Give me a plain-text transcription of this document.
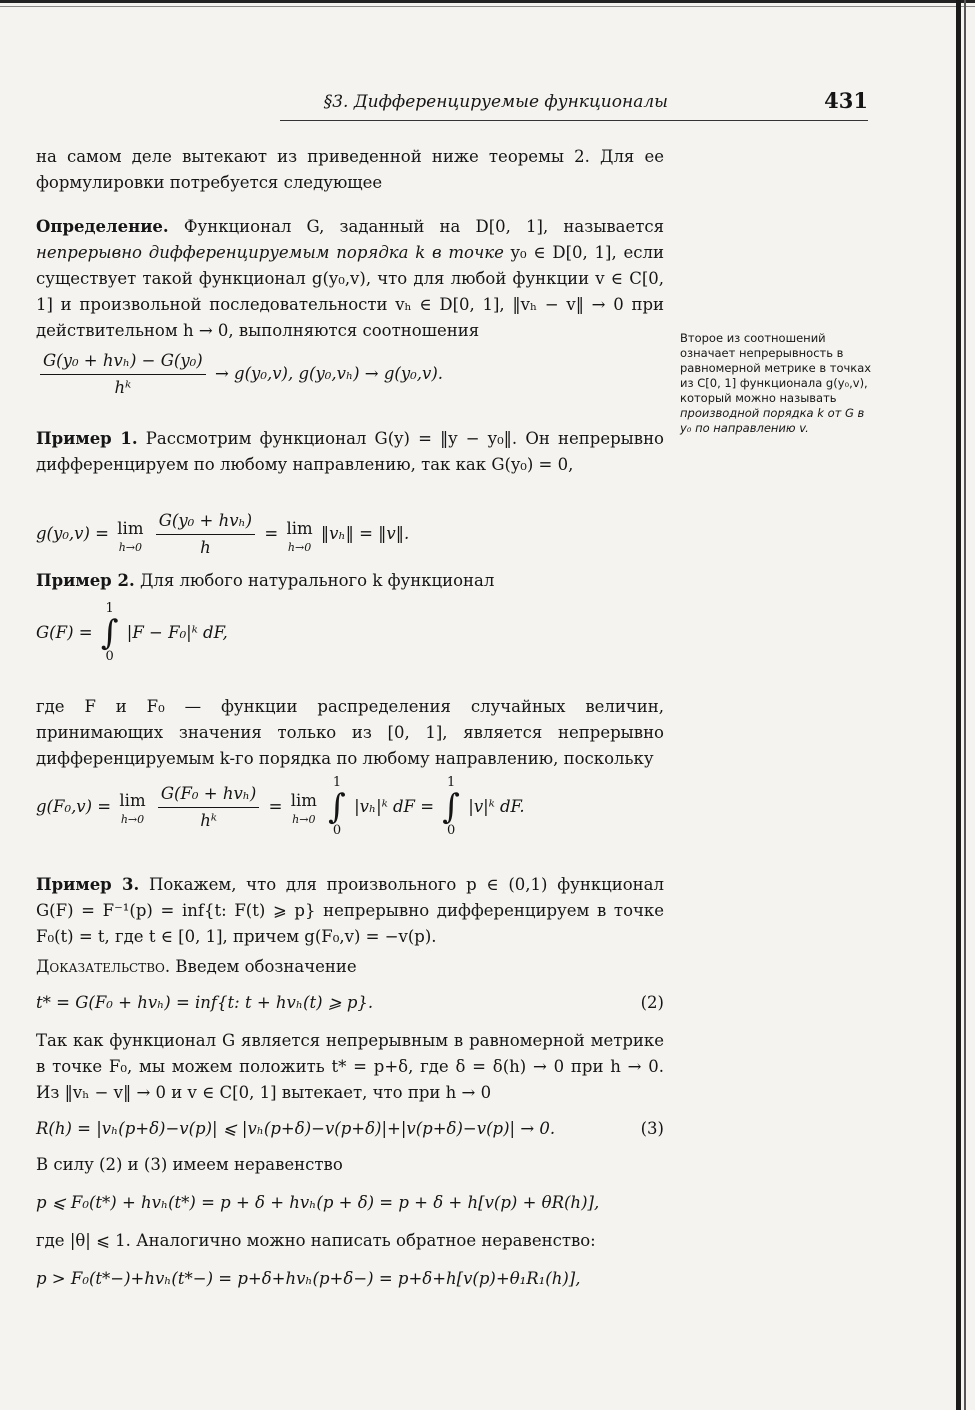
§3. Дифференцируемые функционалы	431

на самом деле вытекают из приведенной ниже теоремы 2. Для ее формулировки потребуется следующее

Определение. Функционал G, заданный на D[0, 1], называется непрерывно дифференцируемым порядка k в точке y₀ ∈ D[0, 1], если существует такой функционал g(y₀,v), что для любой функции v ∈ C[0, 1] и произвольной последовательности vₕ ∈ D[0, 1], ‖vₕ − v‖ → 0 при действительном h → 0, выполняются соотношения

$\frac{\text{G(y₀ + hvₕ) − G(y₀)}}{\text{hᵏ}} \to g(y_0,v)$, g(y₀,vₕ) → g(y₀,v).

Пример 1. Рассмотрим функционал G(y) = ‖y − y₀‖. Он непрерывно дифференцируем по любому направлению, так как G(y₀) = 0,

g(y₀,v) = lim
h→0
$\frac{\text{G(y₀ + hvₕ)}}{h} = \lim$
h→0
‖vₕ‖ = ‖v‖.

Пример 2. Для любого натурального k функционал

G(F) =
1
∫
0
|F − F₀|ᵏ dF,

где F и F₀ — функции распределения случайных величин, принимающих значения только из [0, 1], является непрерывно дифференцируемым k-го порядка по любому направлению, поскольку

g(F₀,v) = lim
h→0
$\frac{\text{G(F₀ + hvₕ)}}{\text{hᵏ}} = \lim$
h→0

1
∫
0
|vₕ|ᵏ dF =
1
∫
0
|v|ᵏ dF.

Пример 3. Покажем, что для произвольного p ∈ (0,1) функционал G(F) = F⁻¹(p) = inf{t: F(t) ⩾ p} непрерывно дифференцируем в точке F₀(t) = t, где t ∈ [0, 1], причем g(F₀,v) = −v(p).

Доказательство. Введем обозначение

t* = G(F₀ + hvₕ) = inf{t: t + hvₕ(t) ⩾ p}.	(2)

Так как функционал G является непрерывным в равномерной метрике в точке F₀, мы можем положить t* = p+δ, где δ = δ(h) → 0 при h → 0. Из ‖vₕ − v‖ → 0 и v ∈ C[0, 1] вытекает, что при h → 0

R(h) = |vₕ(p+δ)−v(p)| ⩽ |vₕ(p+δ)−v(p+δ)|+|v(p+δ)−v(p)| → 0.	(3)

В силу (2) и (3) имеем неравенство

p ⩽ F₀(t*) + hvₕ(t*) = p + δ + hvₕ(p + δ) = p + δ + h[v(p) + θR(h)],

где |θ| ⩽ 1. Аналогично можно написать обратное неравенство:

p > F₀(t*−)+hvₕ(t*−) = p+δ+hvₕ(p+δ−) = p+δ+h[v(p)+θ₁R₁(h)],
Второе из соотношений означает непрерывность в равномерной метрике в точках из C[0, 1] функционала g(y₀,v), который можно называть производной порядка k от G в y₀ по направлению v.
